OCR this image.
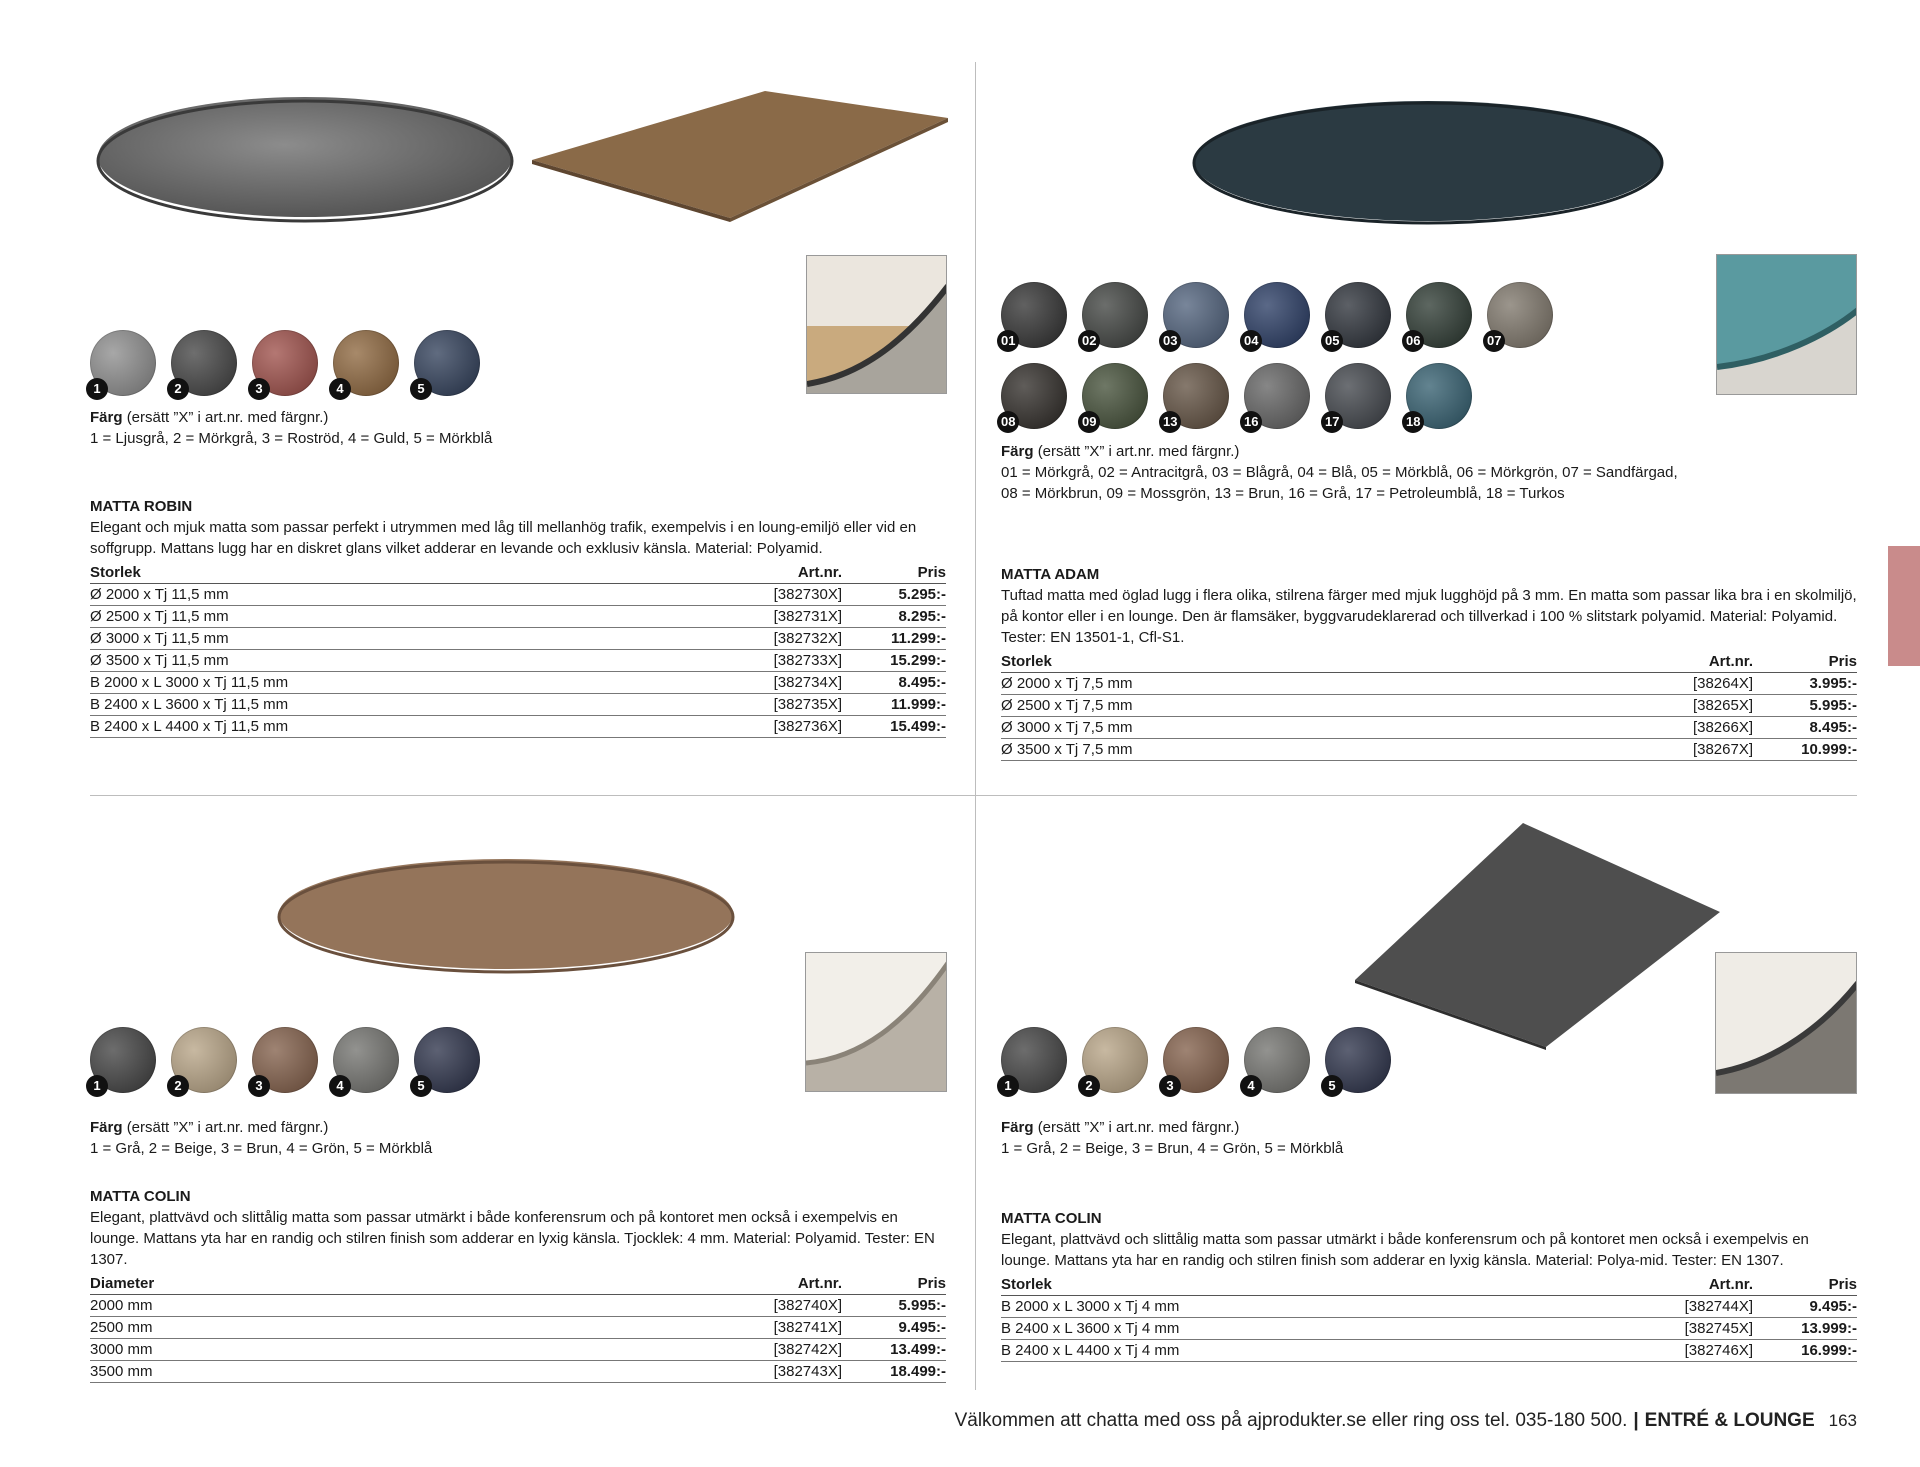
1	2	3	4	5
Färg (ersätt ”X” i art.nr. med färgnr.)
1 = Ljusgrå, 2 = Mörkgrå, 3 = Roströd, 4 = Guld, 5 = Mörkblå
MATTA ROBIN

Elegant och mjuk matta som passar perfekt i utrymmen med låg till mellanhög trafik, exempelvis i en loung-emiljö eller vid en soffgrupp. Mattans lugg har en diskret glans vilket adderar en levande och exklusiv känsla. Material: Polyamid.

Storlek	Art.nr.	Pris
Ø 2000 x Tj 11,5 mm	[382730X]	5.295:-
Ø 2500 x Tj 11,5 mm	[382731X]	8.295:-
Ø 3000 x Tj 11,5 mm	[382732X]	11.299:-
Ø 3500 x Tj 11,5 mm	[382733X]	15.299:-
B 2000 x L 3000 x Tj 11,5 mm	[382734X]	8.495:-
B 2400 x L 3600 x Tj 11,5 mm	[382735X]	11.999:-
B 2400 x L 4400 x Tj 11,5 mm	[382736X]	15.499:-
01	02	03	04	05	06	07
08	09	13	16	17	18
Färg (ersätt ”X” i art.nr. med färgnr.)
01 = Mörkgrå, 02 = Antracitgrå, 03 = Blågrå, 04 = Blå, 05 = Mörkblå, 06 = Mörkgrön, 07 = Sandfärgad,
08 = Mörkbrun, 09 = Mossgrön, 13 = Brun, 16 = Grå, 17 = Petroleumblå, 18 = Turkos
MATTA ADAM

Tuftad matta med öglad lugg i flera olika, stilrena färger med mjuk lugghöjd på 3 mm. En matta som passar lika bra i en skolmiljö, på kontor eller i en lounge. Den är flamsäker, byggvarudeklarerad och tillverkad i 100 % slitstark polyamid. Material: Polyamid. Tester: EN 13501-1, Cfl-S1.

Storlek	Art.nr.	Pris
Ø 2000 x Tj 7,5 mm	[38264X]	3.995:-
Ø 2500 x Tj 7,5 mm	[38265X]	5.995:-
Ø 3000 x Tj 7,5 mm	[38266X]	8.495:-
Ø 3500 x Tj 7,5 mm	[38267X]	10.999:-
1	2	3	4	5
Färg (ersätt ”X” i art.nr. med färgnr.)
1 = Grå, 2 = Beige, 3 = Brun, 4 = Grön, 5 = Mörkblå
MATTA COLIN

Elegant, plattvävd och slittålig matta som passar utmärkt i både konferensrum och på kontoret men också i exempelvis en lounge. Mattans yta har en randig och stilren finish som adderar en lyxig känsla. Tjocklek: 4 mm. Material: Polyamid. Tester: EN 1307.

Diameter	Art.nr.	Pris
2000 mm	[382740X]	5.995:-
2500 mm	[382741X]	9.495:-
3000 mm	[382742X]	13.499:-
3500 mm	[382743X]	18.499:-
1	2	3	4	5
Färg (ersätt ”X” i art.nr. med färgnr.)
1 = Grå, 2 = Beige, 3 = Brun, 4 = Grön, 5 = Mörkblå
MATTA COLIN

Elegant, plattvävd och slittålig matta som passar utmärkt i både konferensrum och på kontoret men också i exempelvis en lounge. Mattans yta har en randig och stilren finish som adderar en lyxig känsla. Material: Polya-mid. Tester: EN 1307.

Storlek	Art.nr.	Pris
B 2000 x L 3000 x Tj 4 mm	[382744X]	9.495:-
B 2400 x L 3600 x Tj 4 mm	[382745X]	13.999:-
B 2400 x L 4400 x Tj 4 mm	[382746X]	16.999:-
Välkommen att chatta med oss på ajprodukter.se eller ring oss tel. 035-180 500. | ENTRÉ & LOUNGE 163
